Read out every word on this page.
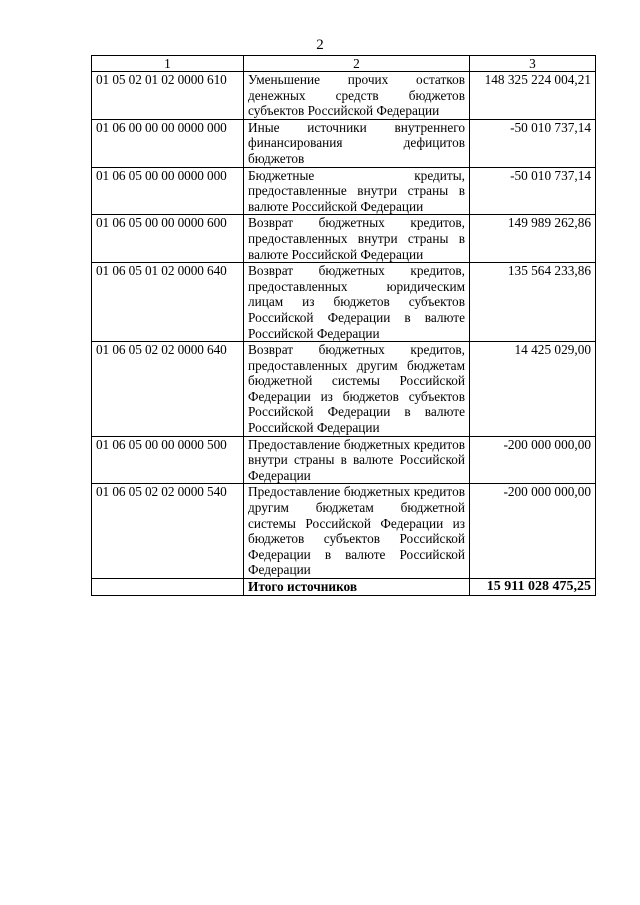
2
1	2	3
01 05 02 01 02 0000 610	Уменьшение прочих остатков денежных средств бюджетов субъектов Российской Федерации	148 325 224 004,21
01 06 00 00 00 0000 000	Иные источники внутреннего финансирования дефицитов бюджетов	-50 010 737,14
01 06 05 00 00 0000 000	Бюджетные кредиты, предоставленные внутри страны в валюте Российской Федерации	-50 010 737,14
01 06 05 00 00 0000 600	Возврат бюджетных кредитов, предоставленных внутри страны в валюте Российской Федерации	149 989 262,86
01 06 05 01 02 0000 640	Возврат бюджетных кредитов, предоставленных юридическим лицам из бюджетов субъектов Российской Федерации в валюте Российской Федерации	135 564 233,86
01 06 05 02 02 0000 640	Возврат бюджетных кредитов, предоставленных другим бюджетам бюджетной системы Российской Федерации из бюджетов субъектов Российской Федерации в валюте Российской Федерации	14 425 029,00
01 06 05 00 00 0000 500	Предоставление бюджетных кредитов внутри страны в валюте Российской Федерации	-200 000 000,00
01 06 05 02 02 0000 540	Предоставление бюджетных кредитов другим бюджетам бюджетной системы Российской Федерации из бюджетов субъектов Российской Федерации в валюте Российской Федерации	-200 000 000,00
	Итого источников	15 911 028 475,25
